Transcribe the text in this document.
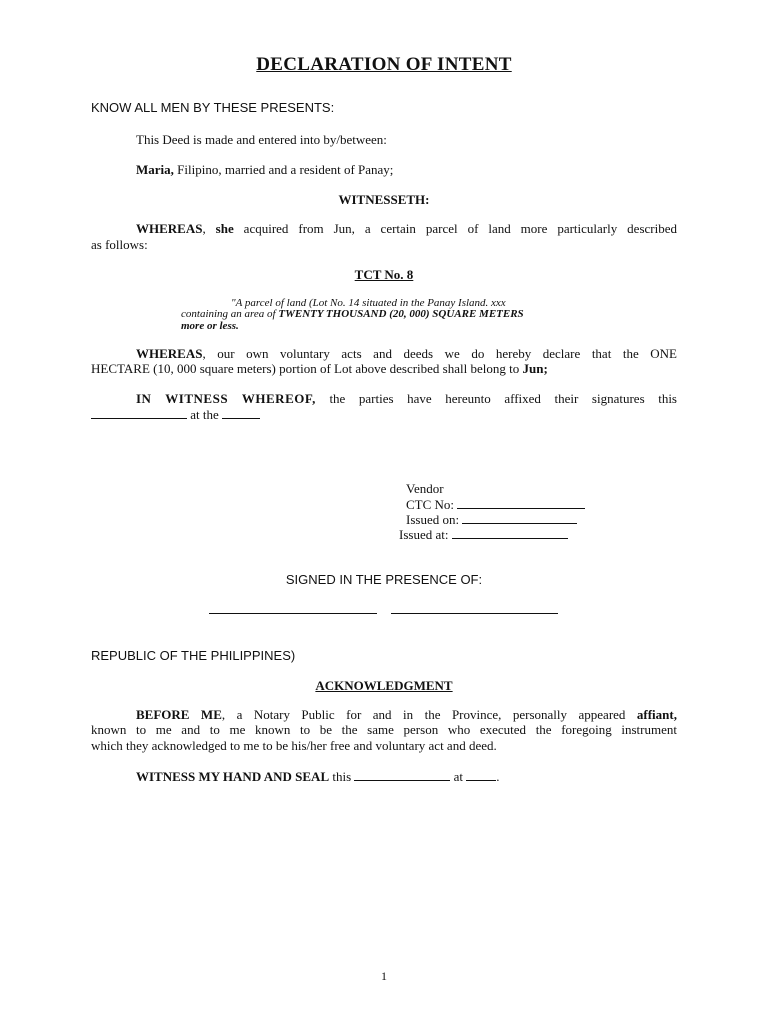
DECLARATION OF INTENT
KNOW ALL MEN BY THESE PRESENTS:
This Deed is made and entered into by/between:
Maria, Filipino, married and a resident of Panay;
WITNESSETH:
WHEREAS, she acquired from Jun, a certain parcel of land more particularly described
as follows:
TCT No. 8
"A parcel of land (Lot No. 14 situated in the Panay Island. xxx
containing an area of TWENTY THOUSAND (20, 000) SQUARE METERS
more or less.
WHEREAS, our own voluntary acts and deeds we do hereby declare that the ONE
HECTARE (10, 000 square meters) portion of Lot above described shall belong to Jun;
IN WITNESS WHEREOF, the parties have hereunto affixed their signatures this
at the
Vendor
CTC No:
Issued on:
Issued at:
SIGNED IN THE PRESENCE OF:
REPUBLIC OF THE PHILIPPINES)
ACKNOWLEDGMENT
BEFORE ME, a Notary Public for and in the Province, personally appeared affiant,
known to me and to me known to be the same person who executed the foregoing instrument
which they acknowledged to me to be his/her free and voluntary act and deed.
WITNESS MY HAND AND SEAL this	at .
1
